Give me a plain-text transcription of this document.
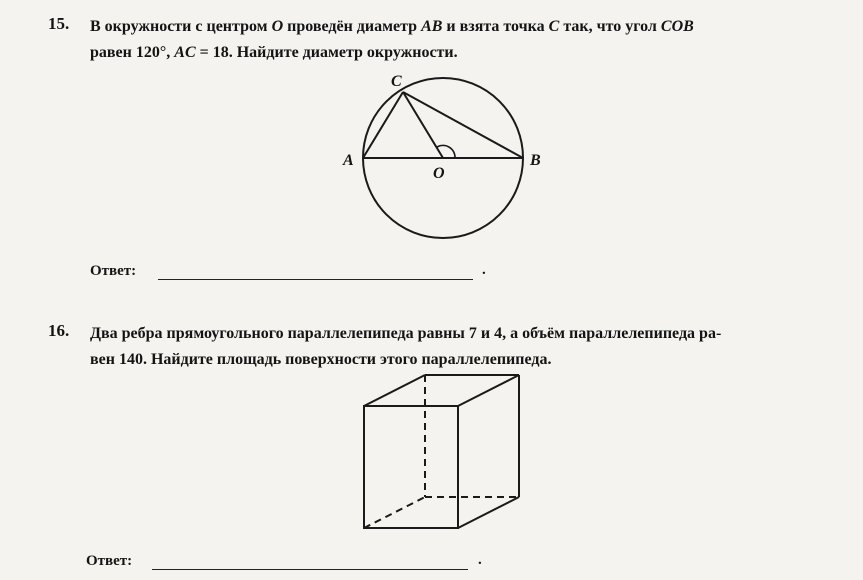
15. В окружности с центром O проведён диаметр AB и взята точка C так, что угол COB
равен 120°, AC = 18. Найдите диаметр окружности.
C
A	B
O
Ответ:	.
16. Два ребра прямоугольного параллелепипеда равны 7 и 4, а объём параллелепипеда ра-
вен 140. Найдите площадь поверхности этого параллелепипеда.
Ответ:	.
